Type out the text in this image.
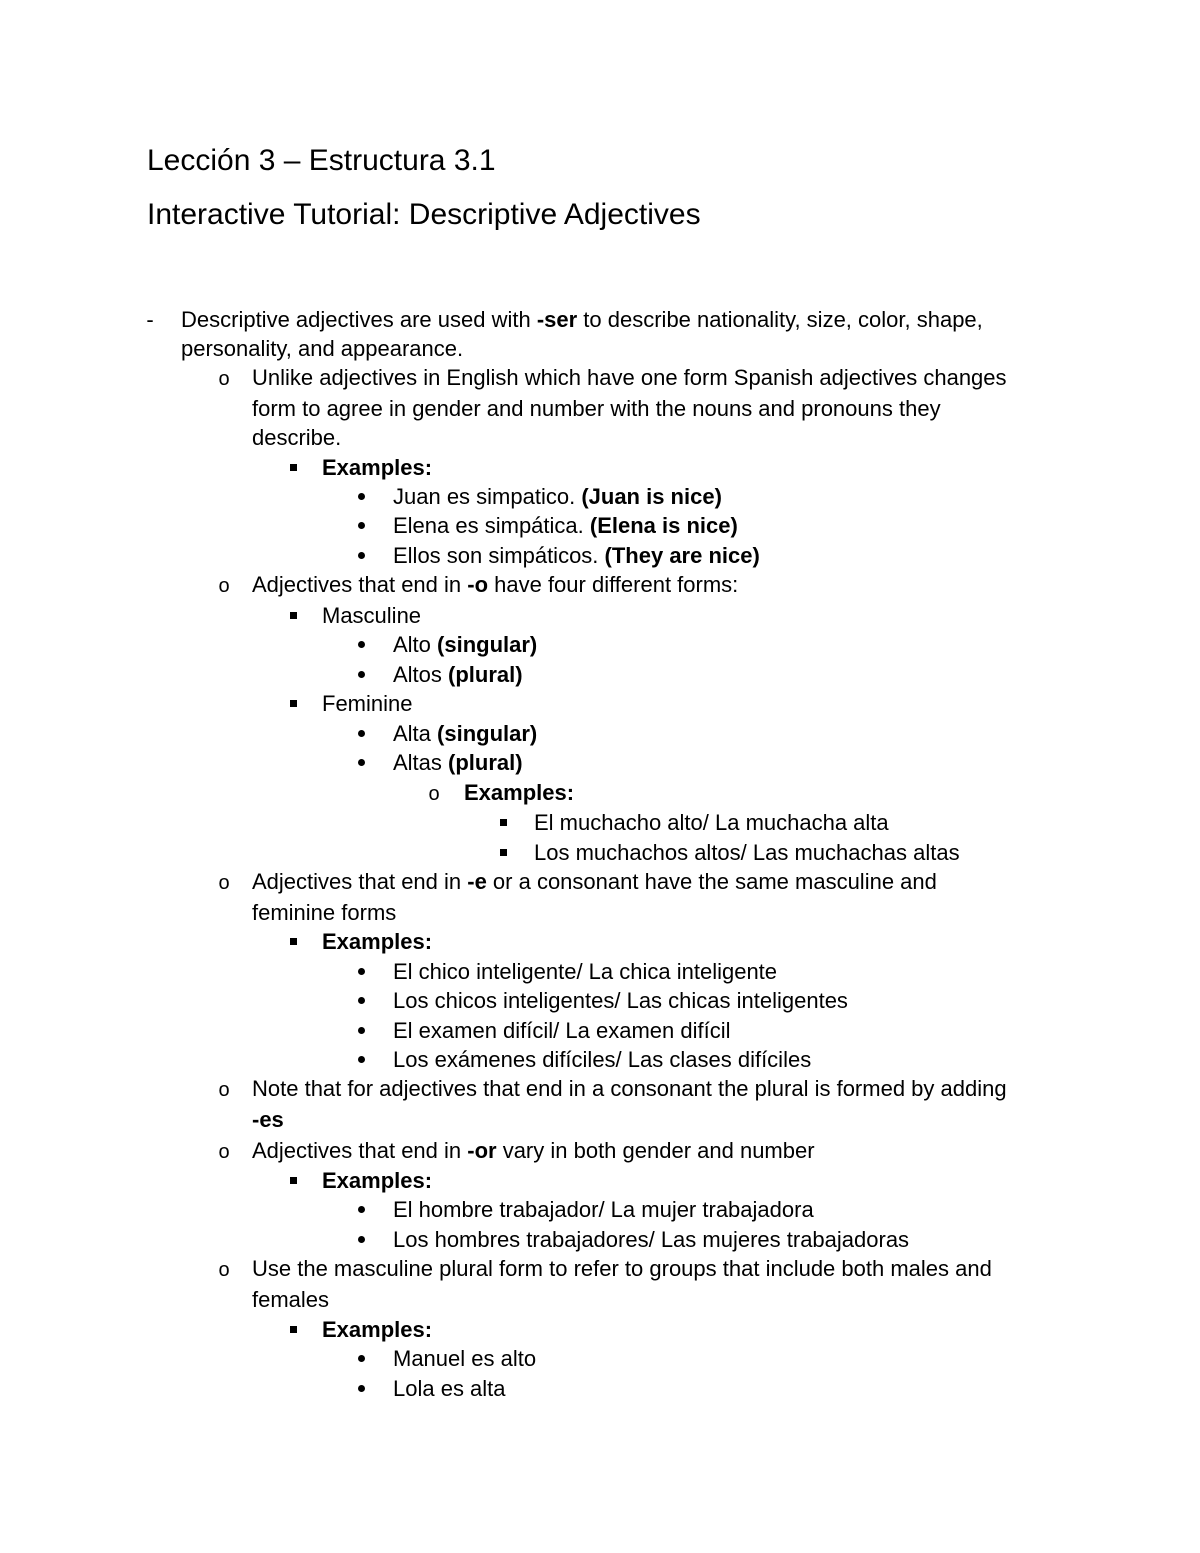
Lección 3 – Estructura 3.1
Interactive Tutorial: Descriptive Adjectives
- Descriptive adjectives are used with -ser to describe nationality, size, color, shape,
personality, and appearance.
o Unlike adjectives in English which have one form Spanish adjectives changes
form to agree in gender and number with the nouns and pronouns they
describe.
Examples:
Juan es simpatico. (Juan is nice)
Elena es simpática. (Elena is nice)
Ellos son simpáticos. (They are nice)
o Adjectives that end in -o have four different forms:
Masculine
Alto (singular)
Altos (plural)
Feminine
Alta (singular)
Altas (plural)
o Examples:
El muchacho alto/ La muchacha alta
Los muchachos altos/ Las muchachas altas
o Adjectives that end in -e or a consonant have the same masculine and
feminine forms
Examples:
El chico inteligente/ La chica inteligente
Los chicos inteligentes/ Las chicas inteligentes
El examen difícil/ La examen difícil
Los exámenes difíciles/ Las clases difíciles
o Note that for adjectives that end in a consonant the plural is formed by adding
-es
o Adjectives that end in -or vary in both gender and number
Examples:
El hombre trabajador/ La mujer trabajadora
Los hombres trabajadores/ Las mujeres trabajadoras
o Use the masculine plural form to refer to groups that include both males and
females
Examples:
Manuel es alto
Lola es alta
